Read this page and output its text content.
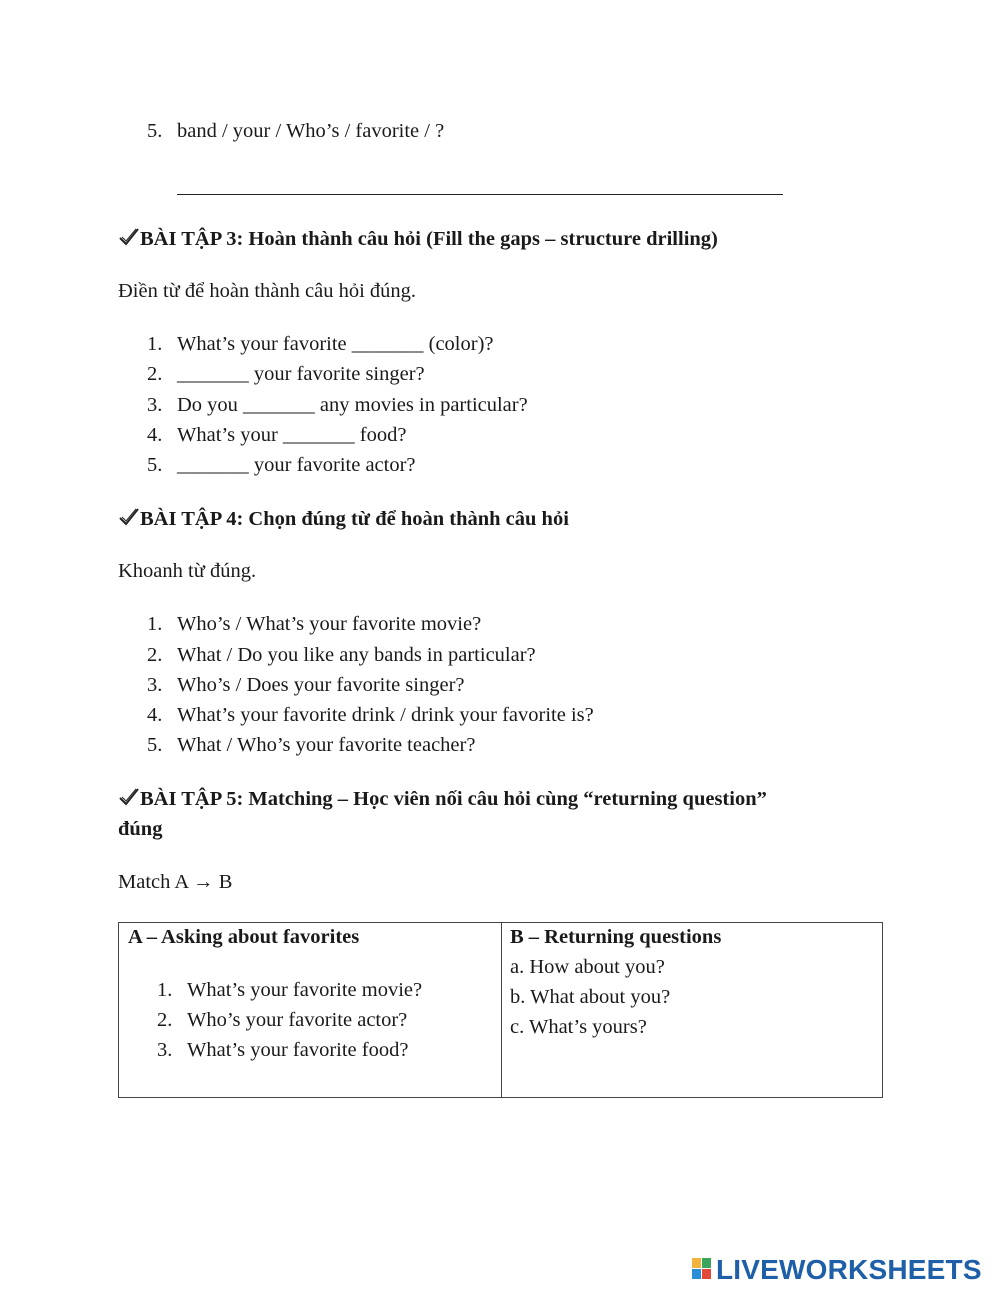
5. band / your / Who’s / favorite / ?
BÀI TẬP 3: Hoàn thành câu hỏi (Fill the gaps – structure drilling)
Điền từ để hoàn thành câu hỏi đúng.
1. What’s your favorite _______ (color)?
2. _______ your favorite singer?
3. Do you _______ any movies in particular?
4. What’s your _______ food?
5. _______ your favorite actor?
BÀI TẬP 4: Chọn đúng từ để hoàn thành câu hỏi
Khoanh từ đúng.
1. Who’s / What’s your favorite movie?
2. What / Do you like any bands in particular?
3. Who’s / Does your favorite singer?
4. What’s your favorite drink / drink your favorite is?
5. What / Who’s your favorite teacher?
BÀI TẬP 5: Matching – Học viên nối câu hỏi cùng “returning question”
đúng
Match A → B
A – Asking about favorites
1. What’s your favorite movie?
2. Who’s your favorite actor?
3. What’s your favorite food?

B – Returning questions
a. How about you?
b. What about you?
c. What’s yours?
LIVEWORKSHEETS
